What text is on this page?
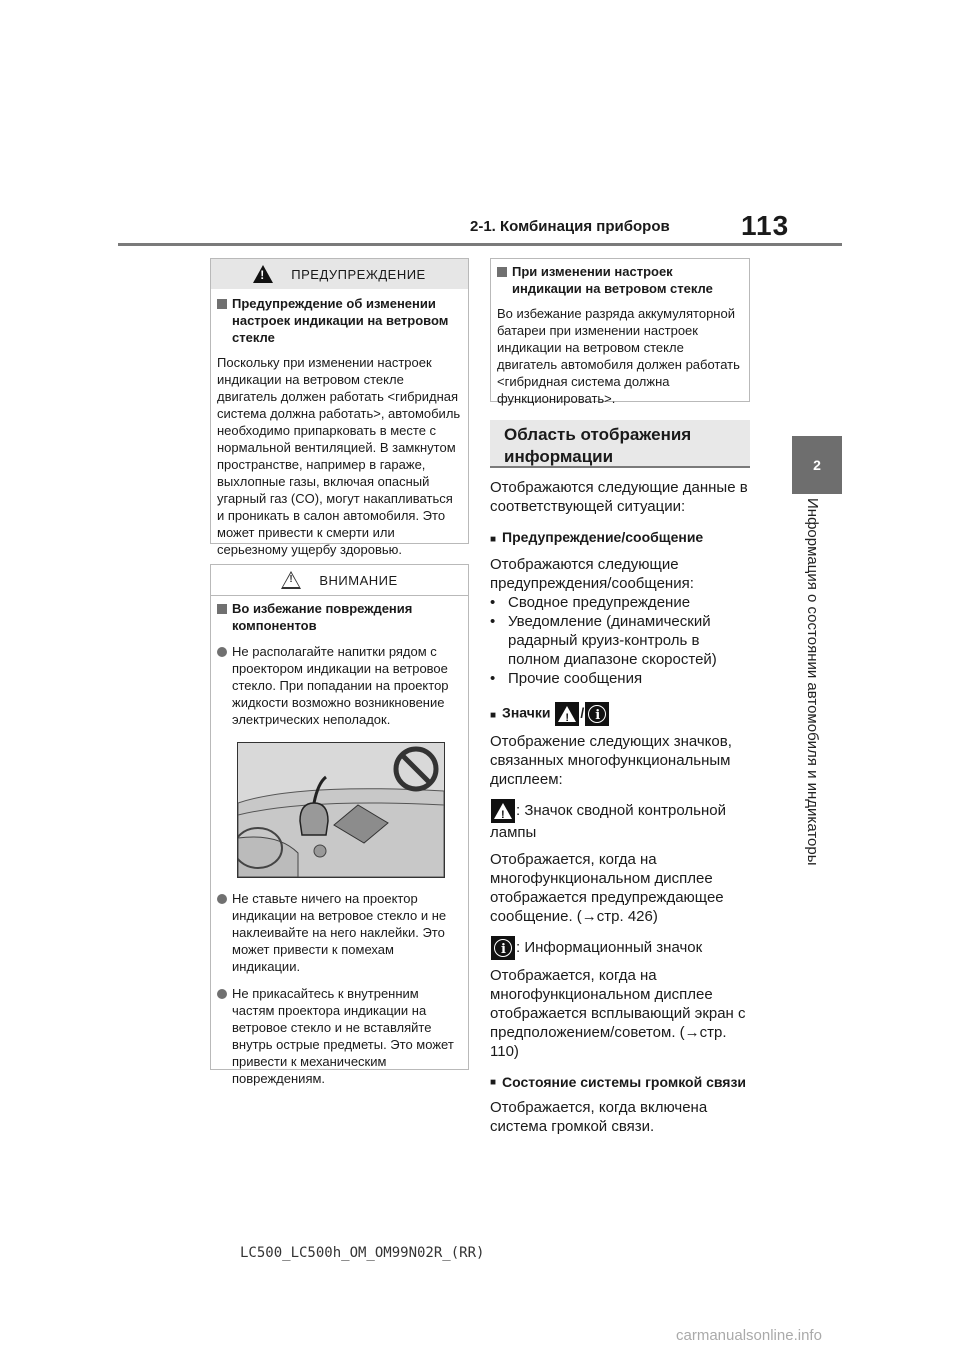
2-1. Комбинация приборов	113
2
Информация о состоянии автомобиля и индикаторы
!
ПРЕДУПРЕЖДЕНИЕ
Предупреждение об изменении настроек индикации на ветровом стекле
Поскольку при изменении настроек индикации на ветровом стекле двигатель должен работать <гибридная система должна работать>, автомобиль необходимо припарковать в месте с нормальной вентиляцией. В замкнутом пространстве, например в гараже, выхлопные газы, включая опасный угарный газ (CO), могут накапливаться и проникать в салон автомобиля. Это может привести к смерти или серьезному ущербу здоровью.
!
ВНИМАНИЕ
Во избежание повреждения компонентов
Не располагайте напитки рядом с проектором индикации на ветровое стекло. При попадании на проектор жидкости возможно возникновение электрических неполадок.
Не ставьте ничего на проектор индикации на ветровое стекло и не наклеивайте на него наклейки. Это может привести к помехам индикации.
Не прикасайтесь к внутренним частям проектора индикации на ветровое стекло и не вставляйте внутрь острые предметы. Это может привести к механическим повреждениям.
При изменении настроек индикации на ветровом стекле
Во избежание разряда аккумуляторной батареи при изменении настроек индикации на ветровом стекле двигатель автомобиля должен работать <гибридная система должна функционировать>.
Область отображения информации
Отображаются следующие данные в соответствующей ситуации:
■ Предупреждение/сообщение
Отображаются следующие предупреждения/сообщения:
• Сводное предупреждение
• Уведомление (динамический радарный круиз-контроль в полном диапазоне скоростей)
• Прочие сообщения
■ Значки ! /i
Отображение следующих значков, связанных многофункциональным дисплеем:
!: Значок сводной контрольной лампы
Отображается, когда на многофункциональном дисплее отображается предупреждающее сообщение. (→стр. 426)
i: Информационный значок
Отображается, когда на многофункциональном дисплее отображается всплывающий экран с предположением/советом. (→стр. 110)
■ Состояние системы громкой связи
Отображается, когда включена система громкой связи.
LC500_LC500h_OM_OM99N02R_(RR)
carmanualsonline.info
